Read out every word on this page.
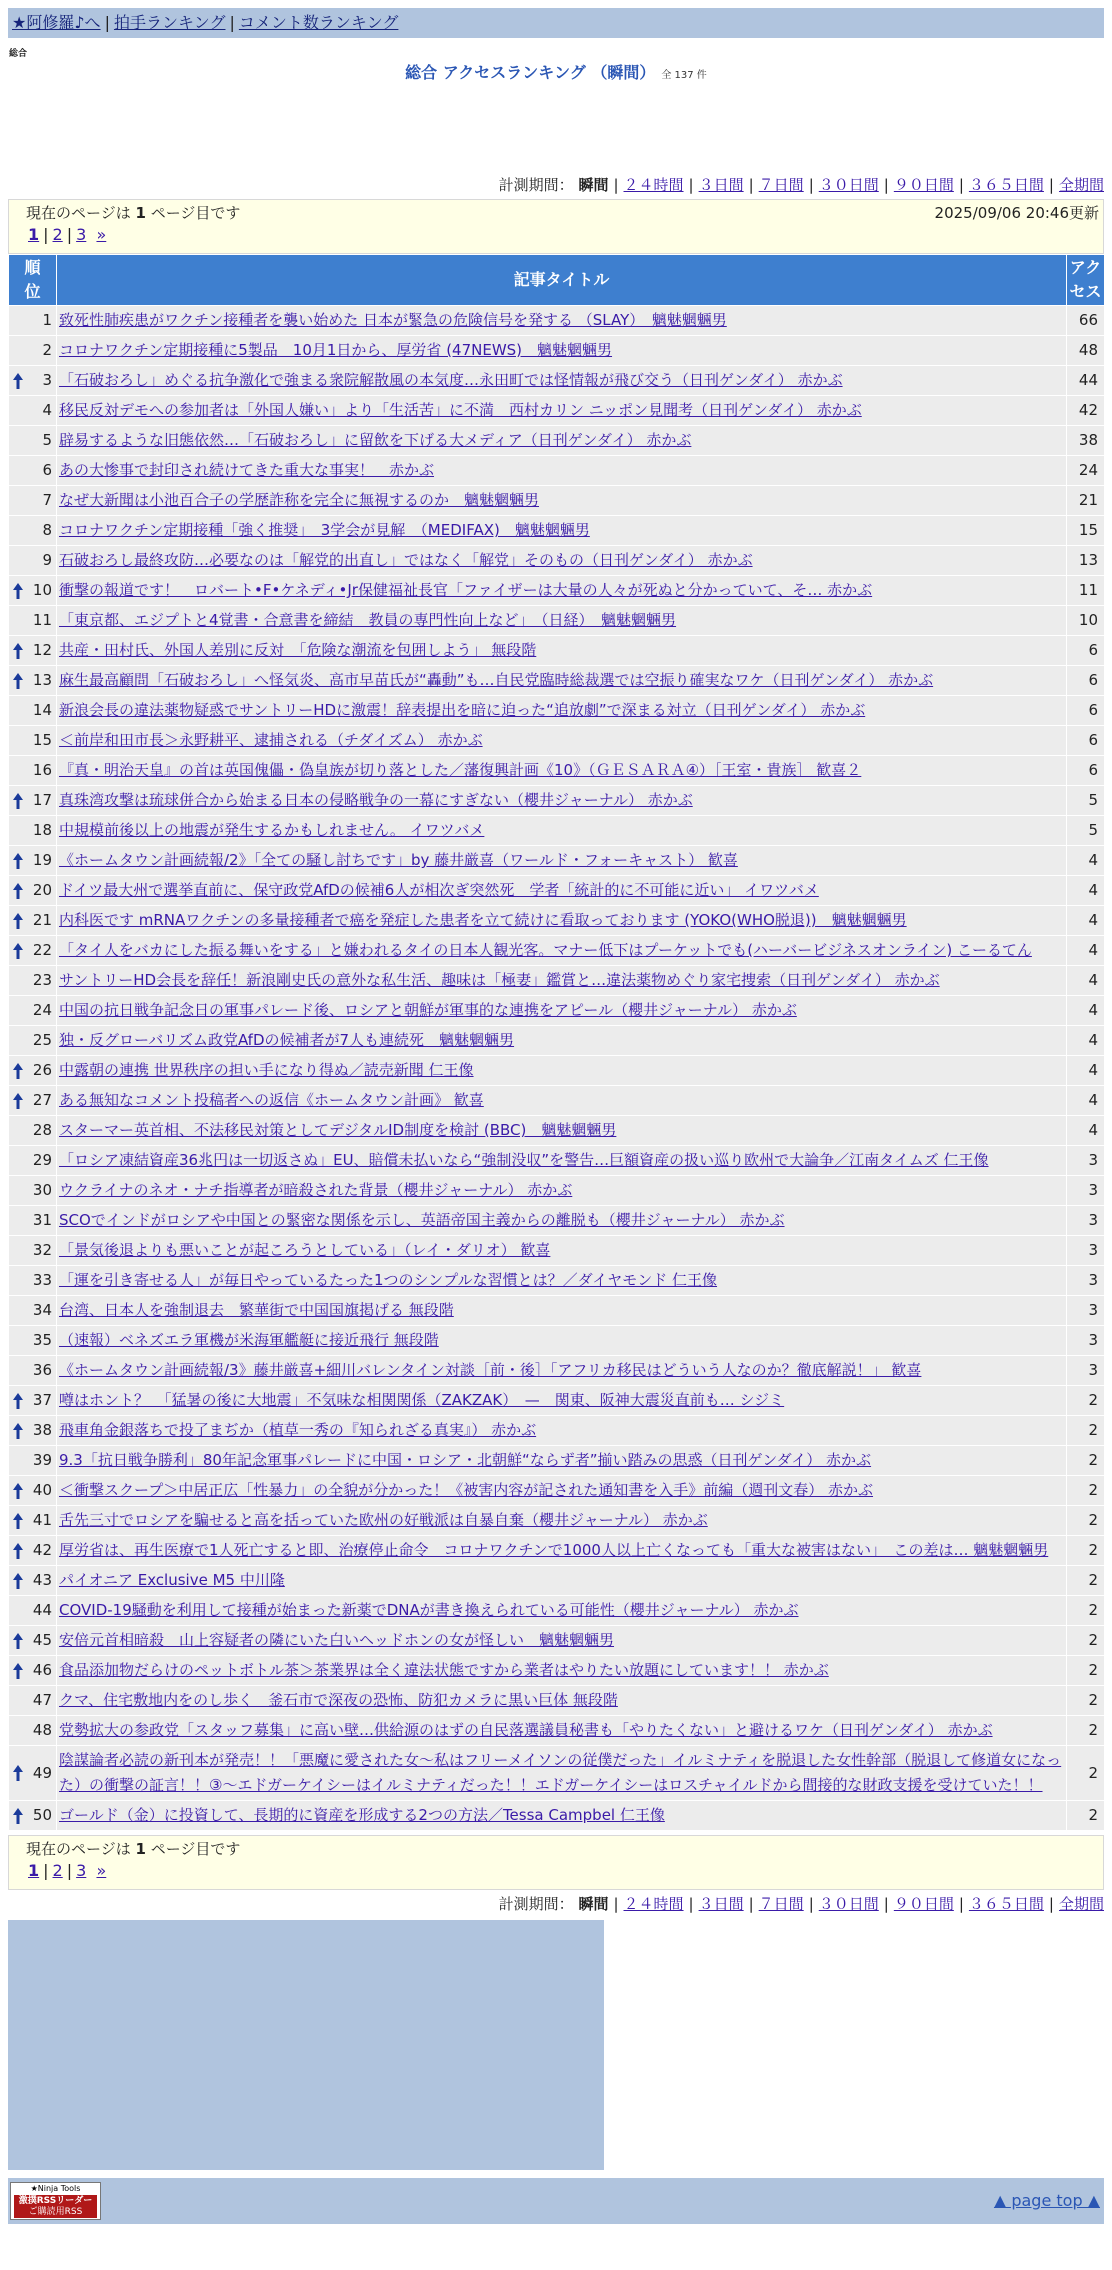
★阿修羅♪へ | 拍手ランキング | コメント数ランキング
総合
総合 アクセスランキング （瞬間） 全 137 件
計測期間： 瞬間 | ２４時間 | ３日間 | ７日間 | ３０日間 | ９０日間 | ３６５日間 | 全期間
現在のページは 1 ページ目です	2025/09/06 20:46更新
1 | 2 | 3 »
順位	記事タイトル	アクセス
1	致死性肺疾患がワクチン接種者を襲い始めた 日本が緊急の危険信号を発する （SLAY）　魑魅魍魎男	66
2	コロナワクチン定期接種に5製品　10月1日から、厚労省 (47NEWS)　魑魅魍魎男	48

3	「石破おろし」めぐる抗争激化で強まる衆院解散風の本気度…永田町では怪情報が飛び交う（日刊ゲンダイ） 赤かぶ	44
4	移民反対デモへの参加者は「外国人嫌い」より「生活苦」に不満　西村カリン ニッポン見聞考（日刊ゲンダイ） 赤かぶ	42
5	辟易するような旧態依然…「石破おろし」に留飲を下げる大メディア（日刊ゲンダイ） 赤かぶ	38
6	あの大惨事で封印され続けてきた重大な事実！　赤かぶ	24
7	なぜ大新聞は小池百合子の学歴詐称を完全に無視するのか　魑魅魍魎男	21
8	コロナワクチン定期接種「強く推奨」　3学会が見解　（MEDIFAX)　魑魅魍魎男	15
9	石破おろし最終攻防…必要なのは「解党的出直し」ではなく「解党」そのもの（日刊ゲンダイ） 赤かぶ	13

10	衝撃の報道です！　ロバート•F•ケネディ•Jr保健福祉長官「ファイザーは大量の人々が死ぬと分かっていて、そ… 赤かぶ	11
11	「東京都、エジプトと4覚書・合意書を締結　教員の専門性向上など」　（日経）　魑魅魍魎男	10

12	共産・田村氏、外国人差別に反対　「危険な潮流を包囲しよう」 無段階	6

13	麻生最高顧問「石破おろし」へ怪気炎、高市早苗氏が“轟動”も…自民党臨時総裁選では空振り確実なワケ（日刊ゲンダイ） 赤かぶ	6
14	新浪会長の違法薬物疑惑でサントリーHDに激震！辞表提出を暗に迫った“追放劇”で深まる対立（日刊ゲンダイ） 赤かぶ	6
15	＜前岸和田市長＞永野耕平、逮捕される（チダイズム） 赤かぶ	6
16	『真・明治天皇』の首は英国傀儡・偽皇族が切り落とした／藩復興計画《10》（ＧＥＳＡＲＡ④）［王室・貴族］ 歓喜２	6

17	真珠湾攻撃は琉球併合から始まる日本の侵略戦争の一幕にすぎない（櫻井ジャーナル） 赤かぶ	5
18	中規模前後以上の地震が発生するかもしれません。 イワツバメ	5

19	《ホームタウン計画続報/2》「全ての騒し討ちです」by 藤井厳喜（ワールド・フォーキャスト） 歓喜	4

20	ドイツ最大州で選挙直前に、保守政党AfDの候補6人が相次ぎ突然死　学者「統計的に不可能に近い」 イワツバメ	4

21	内科医です mRNAワクチンの多量接種者で癌を発症した患者を立て続けに看取っております (YOKO(WHO脱退))　魑魅魍魎男	4

22	「タイ人をバカにした振る舞いをする」と嫌われるタイの日本人観光客。マナー低下はプーケットでも(ハーバービジネスオンライン) こーるてん	4
23	サントリーHD会長を辞任！新浪剛史氏の意外な私生活、趣味は「極妻」鑑賞と…違法薬物めぐり家宅捜索（日刊ゲンダイ） 赤かぶ	4
24	中国の抗日戦争記念日の軍事パレード後、ロシアと朝鮮が軍事的な連携をアピール（櫻井ジャーナル） 赤かぶ	4
25	独・反グローバリズム政党AfDの候補者が7人も連続死　魑魅魍魎男	4

26	中露朝の連携 世界秩序の担い手になり得ぬ／読売新聞 仁王像	4

27	ある無知なコメント投稿者への返信《ホームタウン計画》 歓喜	4
28	スターマー英首相、不法移民対策としてデジタルID制度を検討 (BBC)　魑魅魍魎男	4
29	「ロシア凍結資産36兆円は一切返さぬ」EU、賠償未払いなら“強制没収”を警告…巨額資産の扱い巡り欧州で大論争／江南タイムズ 仁王像	3
30	ウクライナのネオ・ナチ指導者が暗殺された背景（櫻井ジャーナル） 赤かぶ	3
31	SCOでインドがロシアや中国との緊密な関係を示し、英語帝国主義からの離脱も（櫻井ジャーナル） 赤かぶ	3
32	「景気後退よりも悪いことが起ころうとしている」（レイ・ダリオ） 歓喜	3
33	「運を引き寄せる人」が毎日やっているたった1つのシンプルな習慣とは？／ダイヤモンド 仁王像	3
34	台湾、日本人を強制退去　繁華街で中国国旗掲げる 無段階	3
35	（速報）ベネズエラ軍機が米海軍艦艇に接近飛行 無段階	3
36	《ホームタウン計画続報/3》藤井厳喜+細川バレンタイン対談［前・後］「アフリカ移民はどういう人なのか？徹底解説！」 歓喜	3

37	噂はホント？　「猛暑の後に大地震」不気味な相関関係（ZAKZAK）　—　関東、阪神大震災直前も… シジミ	2

38	飛車角金銀落ちで投了まぢか（植草一秀の『知られざる真実』） 赤かぶ	2
39	9.3「抗日戦争勝利」80年記念軍事パレードに中国・ロシア・北朝鮮“ならず者”揃い踏みの思惑（日刊ゲンダイ） 赤かぶ	2

40	＜衝撃スクープ＞中居正広「性暴力」の全貌が分かった！《被害内容が記された通知書を入手》前編（週刊文春） 赤かぶ	2

41	舌先三寸でロシアを騙せると高を括っていた欧州の好戦派は自暴自棄（櫻井ジャーナル） 赤かぶ	2

42	厚労省は、再生医療で1人死亡すると即、治療停止命令　コロナワクチンで1000人以上亡くなっても「重大な被害はない」　この差は… 魑魅魍魎男	2

43	パイオニア Exclusive M5 中川隆	2
44	COVID-19騒動を利用して接種が始まった新薬でDNAが書き換えられている可能性（櫻井ジャーナル） 赤かぶ	2

45	安倍元首相暗殺　山上容疑者の隣にいた白いヘッドホンの女が怪しい　魑魅魍魎男	2

46	食品添加物だらけのペットボトル茶＞茶業界は全く違法状態ですから業者はやりたい放題にしています！！ 赤かぶ	2
47	クマ、住宅敷地内をのし歩く　釜石市で深夜の恐怖、防犯カメラに黒い巨体 無段階	2
48	党勢拡大の参政党「スタッフ募集」に高い壁…供給源のはずの自民落選議員秘書も「やりたくない」と避けるワケ（日刊ゲンダイ） 赤かぶ	2

49	陰謀論者必読の新刊本が発売！！「悪魔に愛された女〜私はフリーメイソンの従僕だった」イルミナティを脱退した女性幹部（脱退して修道女になった）の衝撃の証言！！③〜エドガーケイシーはイルミナティだった！！エドガーケイシーはロスチャイルドから間接的な財政支援を受けていた！！	2

50	ゴールド（金）に投資して、長期的に資産を形成する2つの方法／Tessa Campbel 仁王像	2
現在のページは 1 ページ目です
1 | 2 | 3 »
計測期間： 瞬間 | ２４時間 | ３日間 | ７日間 | ３０日間 | ９０日間 | ３６５日間 | 全期間
★Ninja Tools
激撲RSSリーダー
ご購読用RSS
▲ page top ▲
